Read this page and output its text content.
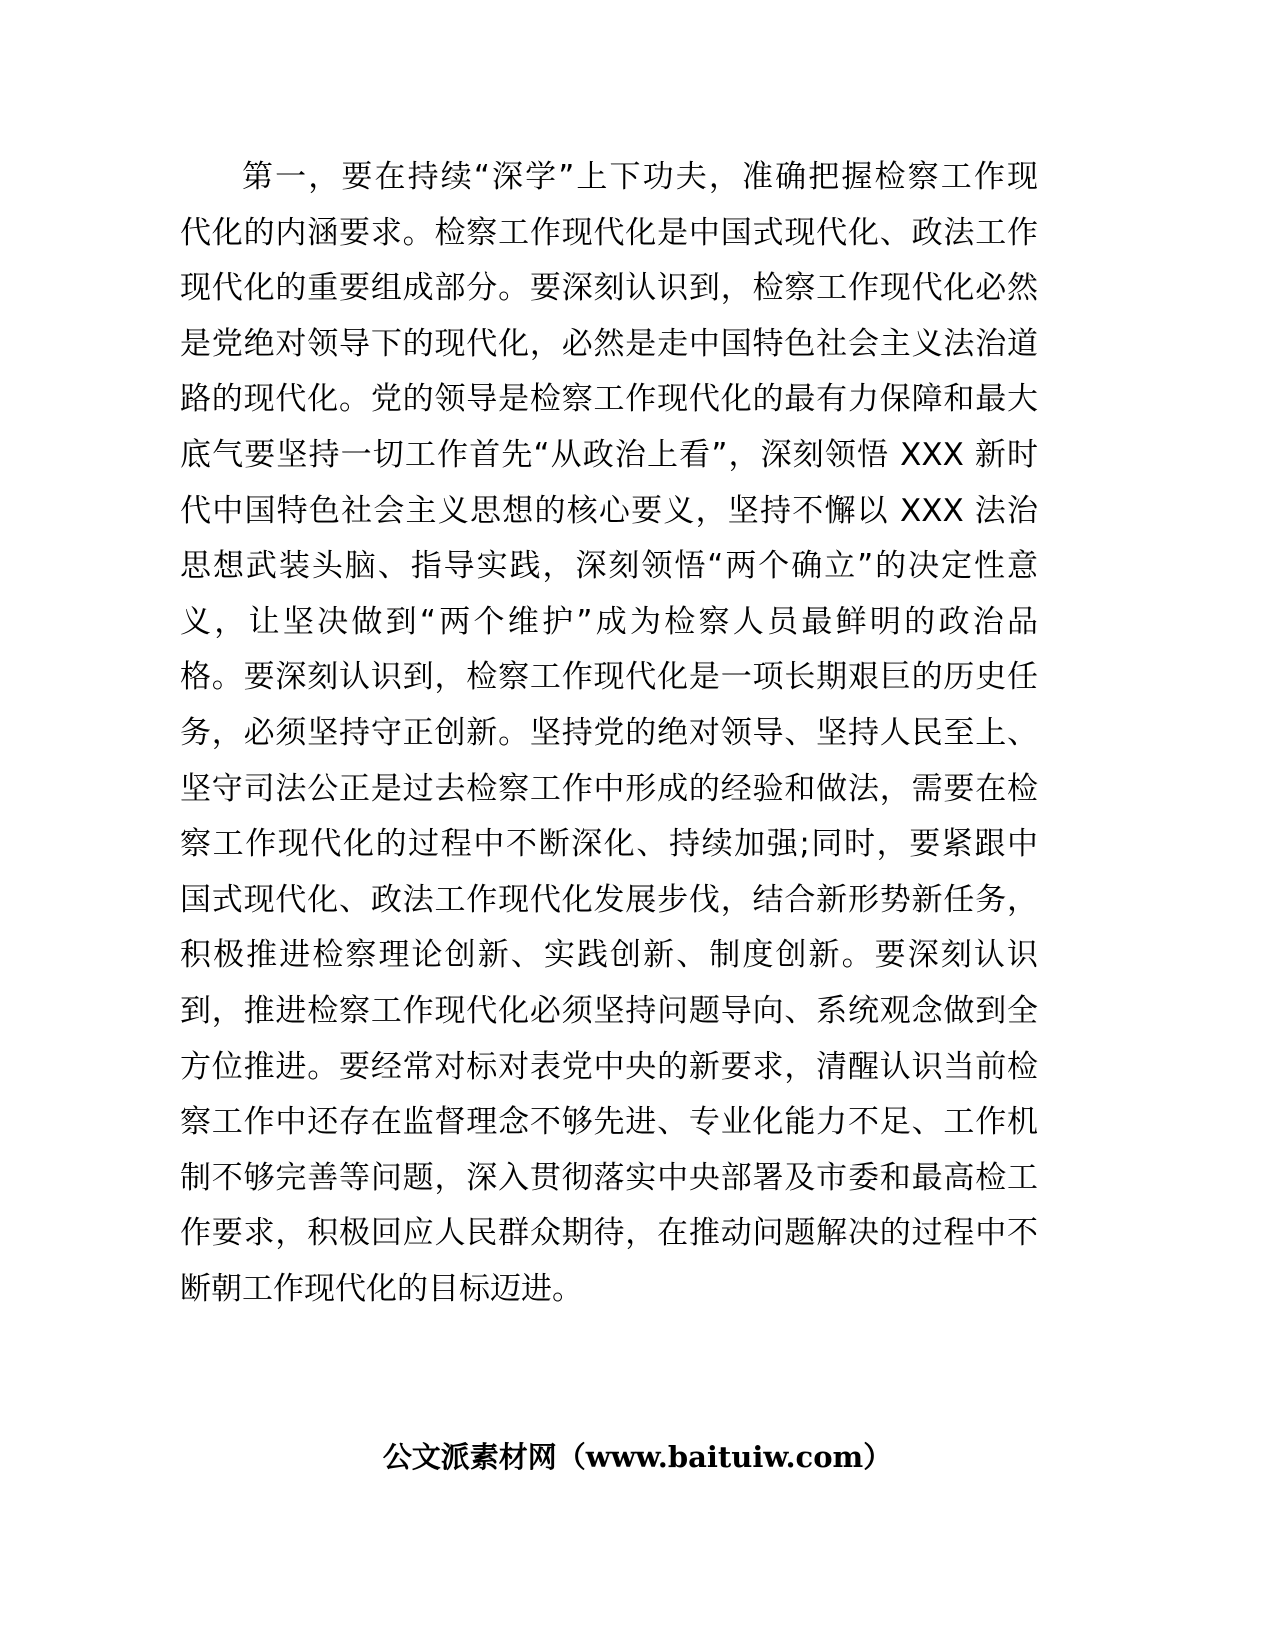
第一，要在持续“深学”上下功夫，准确把握检察工作现
代化的内涵要求。检察工作现代化是中国式现代化、政法工作
现代化的重要组成部分。要深刻认识到，检察工作现代化必然
是党绝对领导下的现代化，必然是走中国特色社会主义法治道
路的现代化。党的领导是检察工作现代化的最有力保障和最大
底气要坚持一切工作首先“从政治上看”，深刻领悟 XXX 新时
代中国特色社会主义思想的核心要义，坚持不懈以 XXX 法治
思想武装头脑、指导实践，深刻领悟“两个确立”的决定性意
义，让坚决做到“两个维护”成为检察人员最鲜明的政治品
格。要深刻认识到，检察工作现代化是一项长期艰巨的历史任
务，必须坚持守正创新。坚持党的绝对领导、坚持人民至上、
坚守司法公正是过去检察工作中形成的经验和做法，需要在检
察工作现代化的过程中不断深化、持续加强;同时，要紧跟中
国式现代化、政法工作现代化发展步伐，结合新形势新任务，
积极推进检察理论创新、实践创新、制度创新。要深刻认识
到，推进检察工作现代化必须坚持问题导向、系统观念做到全
方位推进。要经常对标对表党中央的新要求，清醒认识当前检
察工作中还存在监督理念不够先进、专业化能力不足、工作机
制不够完善等问题，深入贯彻落实中央部署及市委和最高检工
作要求，积极回应人民群众期待，在推动问题解决的过程中不
断朝工作现代化的目标迈进。
公文派素材网（www.baituiw.com）
